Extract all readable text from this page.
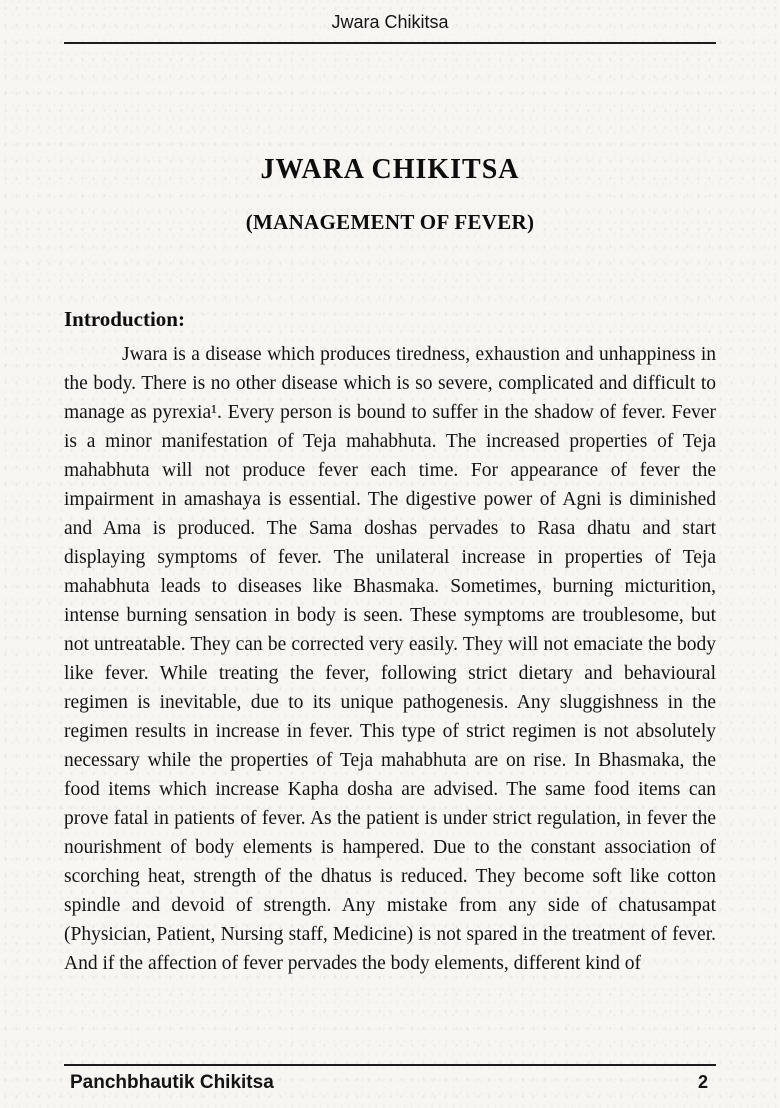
Jwara Chikitsa
JWARA CHIKITSA
(MANAGEMENT OF FEVER)
Introduction:

Jwara is a disease which produces tiredness, exhaustion and unhappiness in the body. There is no other disease which is so severe, complicated and difficult to manage as pyrexia¹. Every person is bound to suffer in the shadow of fever. Fever is a minor manifestation of Teja mahabhuta. The increased properties of Teja mahabhuta will not produce fever each time. For appearance of fever the impairment in amashaya is essential. The digestive power of Agni is diminished and Ama is produced. The Sama doshas pervades to Rasa dhatu and start displaying symptoms of fever. The unilateral increase in properties of Teja mahabhuta leads to diseases like Bhasmaka. Sometimes, burning micturition, intense burning sensation in body is seen. These symptoms are troublesome, but not untreatable. They can be corrected very easily. They will not emaciate the body like fever. While treating the fever, following strict dietary and behavioural regimen is inevitable, due to its unique pathogenesis. Any sluggishness in the regimen results in increase in fever. This type of strict regimen is not absolutely necessary while the properties of Teja mahabhuta are on rise. In Bhasmaka, the food items which increase Kapha dosha are advised. The same food items can prove fatal in patients of fever. As the patient is under strict regulation, in fever the nourishment of body elements is hampered. Due to the constant association of scorching heat, strength of the dhatus is reduced. They become soft like cotton spindle and devoid of strength. Any mistake from any side of chatusampat (Physician, Patient, Nursing staff, Medicine) is not spared in the treatment of fever. And if the affection of fever pervades the body elements, different kind of

Panchbhautik Chikitsa	2
